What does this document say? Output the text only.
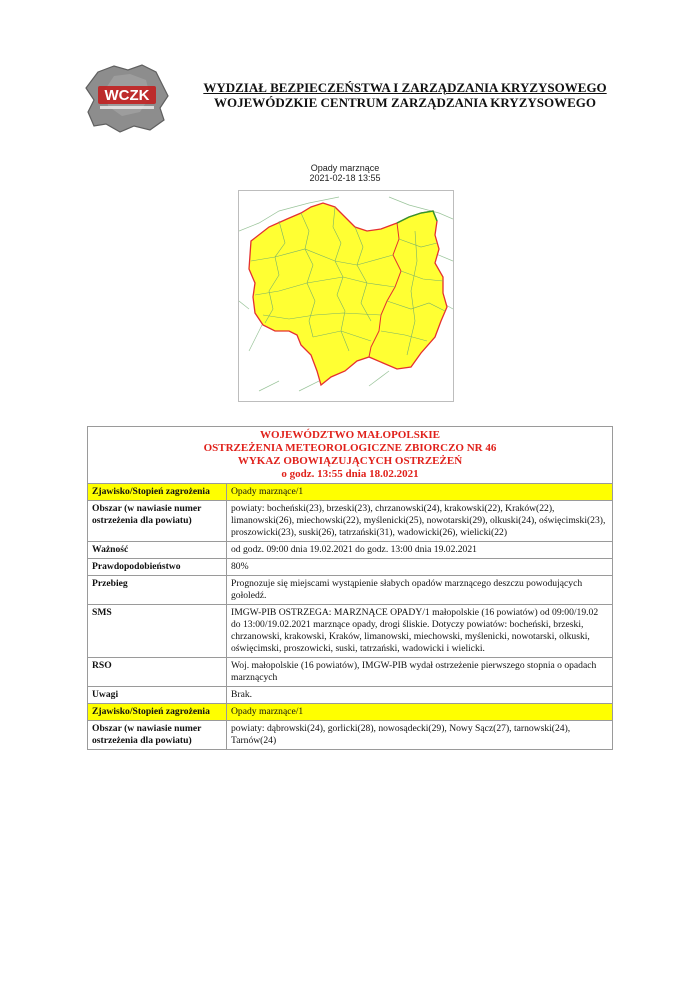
WCZK	WYDZIAŁ BEZPIECZEŃSTWA I ZARZĄDZANIA KRYZYSOWEGO
WOJEWÓDZKIE CENTRUM ZARZĄDZANIA KRYZYSOWEGO
Opady marznące
2021-02-18 13:55
WOJEWÓDZTWO MAŁOPOLSKIE
OSTRZEŻENIA METEOROLOGICZNE ZBIORCZO NR 46
WYKAZ OBOWIĄZUJĄCYCH OSTRZEŻEŃ
o godz. 13:55 dnia 18.02.2021	

Zjawisko/Stopień zagrożenia	Opady marznące/1
Obszar (w nawiasie numer ostrzeżenia dla powiatu)	powiaty: bocheński(23), brzeski(23), chrzanowski(24), krakowski(22), Kraków(22), limanowski(26), miechowski(22), myślenicki(25), nowotarski(29), olkuski(24), oświęcimski(23), proszowicki(23), suski(26), tatrzański(31), wadowicki(26), wielicki(22)
Ważność	od godz. 09:00 dnia 19.02.2021 do godz. 13:00 dnia 19.02.2021
Prawdopodobieństwo	80%
Przebieg	Prognozuje się miejscami wystąpienie słabych opadów marznącego deszczu powodujących gołoledź.
SMS	IMGW-PIB OSTRZEGA: MARZNĄCE OPADY/1 małopolskie (16 powiatów) od 09:00/19.02 do 13:00/19.02.2021 marznące opady, drogi śliskie. Dotyczy powiatów: bocheński, brzeski, chrzanowski, krakowski, Kraków, limanowski, miechowski, myślenicki, nowotarski, olkuski, oświęcimski, proszowicki, suski, tatrzański, wadowicki i wielicki.
RSO	Woj. małopolskie (16 powiatów), IMGW-PIB wydał ostrzeżenie pierwszego stopnia o opadach marznących
Uwagi	Brak.
Zjawisko/Stopień zagrożenia	Opady marznące/1
Obszar (w nawiasie numer ostrzeżenia dla powiatu)	powiaty: dąbrowski(24), gorlicki(28), nowosądecki(29), Nowy Sącz(27), tarnowski(24), Tarnów(24)
